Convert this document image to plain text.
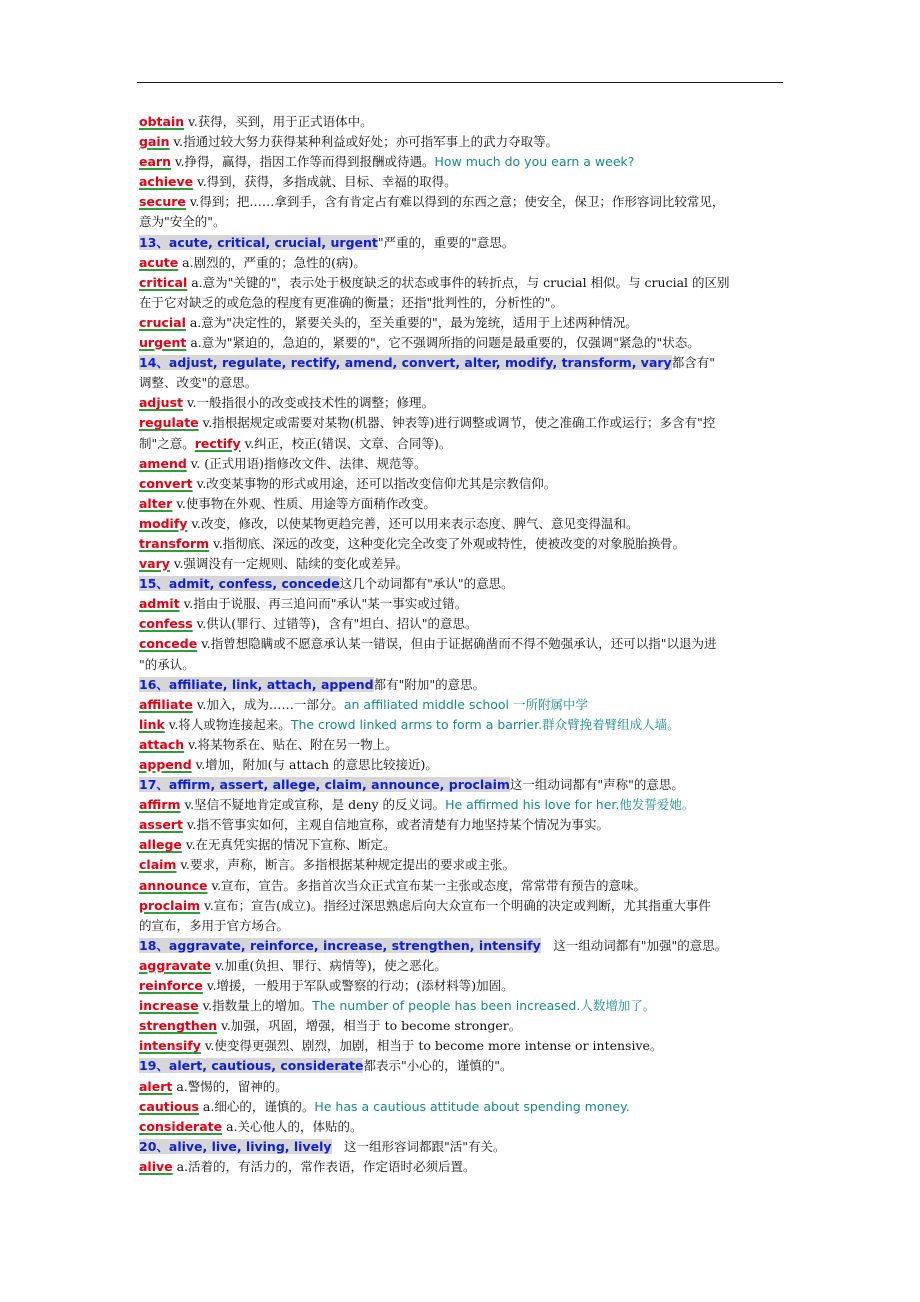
obtain v.获得，买到，用于正式语体中。
gain v.指通过较大努力获得某种利益或好处；亦可指军事上的武力夺取等。
earn v.挣得，赢得，指因工作等而得到报酬或待遇。How much do you earn a week?
achieve v.得到，获得，多指成就、目标、幸福的取得。
secure v.得到；把……拿到手，含有肯定占有难以得到的东西之意；使安全，保卫；作形容词比较常见，
意为"安全的"。
13、acute, critical, crucial, urgent"严重的，重要的"意思。
acute a.剧烈的，严重的；急性的(病)。
critical a.意为"关键的"，表示处于极度缺乏的状态或事件的转折点，与 crucial 相似。与 crucial 的区别
在于它对缺乏的或危急的程度有更准确的衡量；还指"批判性的，分析性的"。
crucial a.意为"决定性的，紧要关头的，至关重要的"，最为笼统，适用于上述两种情况。
urgent a.意为"紧迫的，急迫的，紧要的"，它不强调所指的问题是最重要的，仅强调"紧急的"状态。
14、adjust, regulate, rectify, amend, convert, alter, modify, transform, vary都含有"
调整、改变"的意思。
adjust v.一般指很小的改变或技术性的调整；修理。
regulate v.指根据规定或需要对某物(机器、钟表等)进行调整或调节，使之准确工作或运行；多含有"控
制"之意。rectify v.纠正，校正(错误、文章、合同等)。
amend v. (正式用语)指修改文件、法律、规范等。
convert v.改变某事物的形式或用途，还可以指改变信仰尤其是宗教信仰。
alter v.使事物在外观、性质、用途等方面稍作改变。
modify v.改变，修改，以使某物更趋完善，还可以用来表示态度、脾气、意见变得温和。
transform v.指彻底、深远的改变，这种变化完全改变了外观或特性，使被改变的对象脱胎换骨。
vary v.强调没有一定规则、陆续的变化或差异。
15、admit, confess, concede这几个动词都有"承认"的意思。
admit v.指由于说服、再三追问而"承认"某一事实或过错。
confess v.供认(罪行、过错等)，含有"坦白、招认"的意思。
concede v.指曾想隐瞒或不愿意承认某一错误，但由于证据确凿而不得不勉强承认，还可以指"以退为进
"的承认。
16、affiliate, link, attach, append都有"附加"的意思。
affiliate v.加入，成为……一部分。an affiliated middle school 一所附属中学
link v.将人或物连接起来。The crowd linked arms to form a barrier.群众臂挽着臂组成人墙。
attach v.将某物系在、贴在、附在另一物上。
append v.增加，附加(与 attach 的意思比较接近)。
17、affirm, assert, allege, claim, announce, proclaim这一组动词都有"声称"的意思。
affirm v.坚信不疑地肯定或宣称，是 deny 的反义词。He affirmed his love for her.他发誓爱她。
assert v.指不管事实如何，主观自信地宣称，或者清楚有力地坚持某个情况为事实。
allege v.在无真凭实据的情况下宣称、断定。
claim v.要求，声称，断言。多指根据某种规定提出的要求或主张。
announce v.宣布，宣告。多指首次当众正式宣布某一主张或态度，常常带有预告的意味。
proclaim v.宣布；宣告(成立)。指经过深思熟虑后向大众宣布一个明确的决定或判断，尤其指重大事件
的宣布，多用于官方场合。
18、aggravate, reinforce, increase, strengthen, intensify　这一组动词都有"加强"的意思。
aggravate v.加重(负担、罪行、病情等)，使之恶化。
reinforce v.增援，一般用于军队或警察的行动；(添材料等)加固。
increase v.指数量上的增加。The number of people has been increased.人数增加了。
strengthen v.加强，巩固，增强，相当于 to become stronger。
intensify v.使变得更强烈、剧烈，加剧，相当于 to become more intense or intensive。
19、alert, cautious, considerate都表示"小心的，谨慎的"。
alert a.警惕的，留神的。
cautious a.细心的，谨慎的。He has a cautious attitude about spending money.
considerate a.关心他人的，体贴的。
20、alive, live, living, lively　这一组形容词都跟"活"有关。
alive a.活着的，有活力的，常作表语，作定语时必须后置。
